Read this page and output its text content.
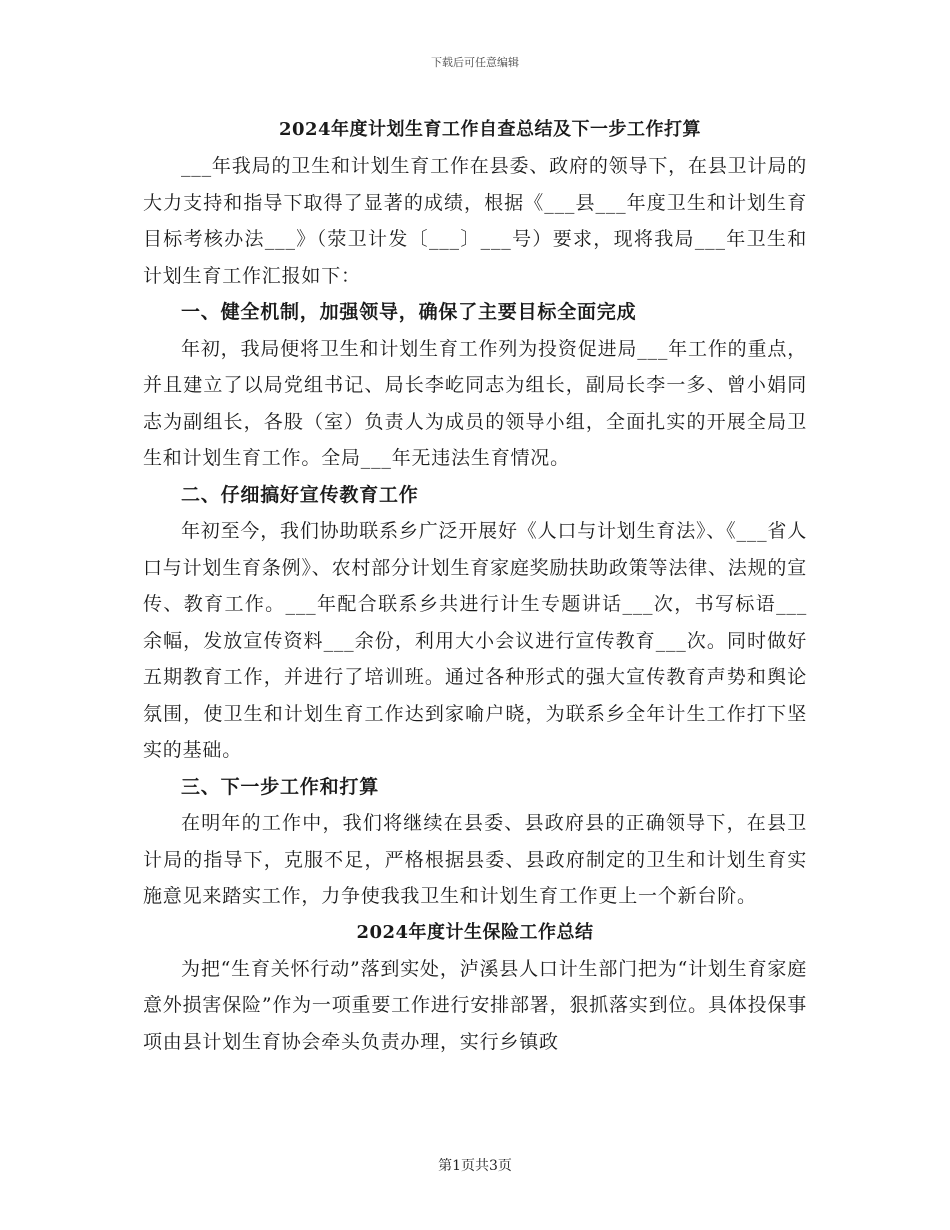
下载后可任意编辑
2024年度计划生育工作自查总结及下一步工作打算

___年我局的卫生和计划生育工作在县委、政府的领导下，在县卫计局的大力支持和指导下取得了显著的成绩，根据《___县___年度卫生和计划生育目标考核办法___》（荥卫计发〔___〕___号）要求，现将我局___年卫生和计划生育工作汇报如下：

一、健全机制，加强领导，确保了主要目标全面完成

年初，我局便将卫生和计划生育工作列为投资促进局___年工作的重点，并且建立了以局党组书记、局长李屹同志为组长，副局长李一多、曾小娟同志为副组长，各股（室）负责人为成员的领导小组，全面扎实的开展全局卫生和计划生育工作。全局___年无违法生育情况。

二、仔细搞好宣传教育工作

年初至今，我们协助联系乡广泛开展好《人口与计划生育法》、《___省人口与计划生育条例》、农村部分计划生育家庭奖励扶助政策等法律、法规的宣传、教育工作。___年配合联系乡共进行计生专题讲话___次，书写标语___余幅，发放宣传资料___余份，利用大小会议进行宣传教育___次。同时做好五期教育工作，并进行了培训班。通过各种形式的强大宣传教育声势和舆论氛围，使卫生和计划生育工作达到家喻户晓，为联系乡全年计生工作打下坚实的基础。

三、下一步工作和打算

在明年的工作中，我们将继续在县委、县政府县的正确领导下，在县卫计局的指导下，克服不足，严格根据县委、县政府制定的卫生和计划生育实施意见来踏实工作，力争使我我卫生和计划生育工作更上一个新台阶。

2024年度计生保险工作总结

为把“生育关怀行动”落到实处，泸溪县人口计生部门把为“计划生育家庭意外损害保险”作为一项重要工作进行安排部署，狠抓落实到位。具体投保事项由县计划生育协会牵头负责办理，实行乡镇政

第1页共3页
